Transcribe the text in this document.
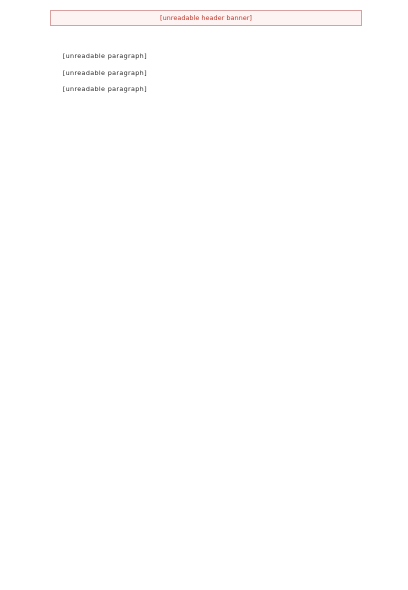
[unreadable header banner]

[unreadable paragraph]

[unreadable paragraph]

[unreadable paragraph]
